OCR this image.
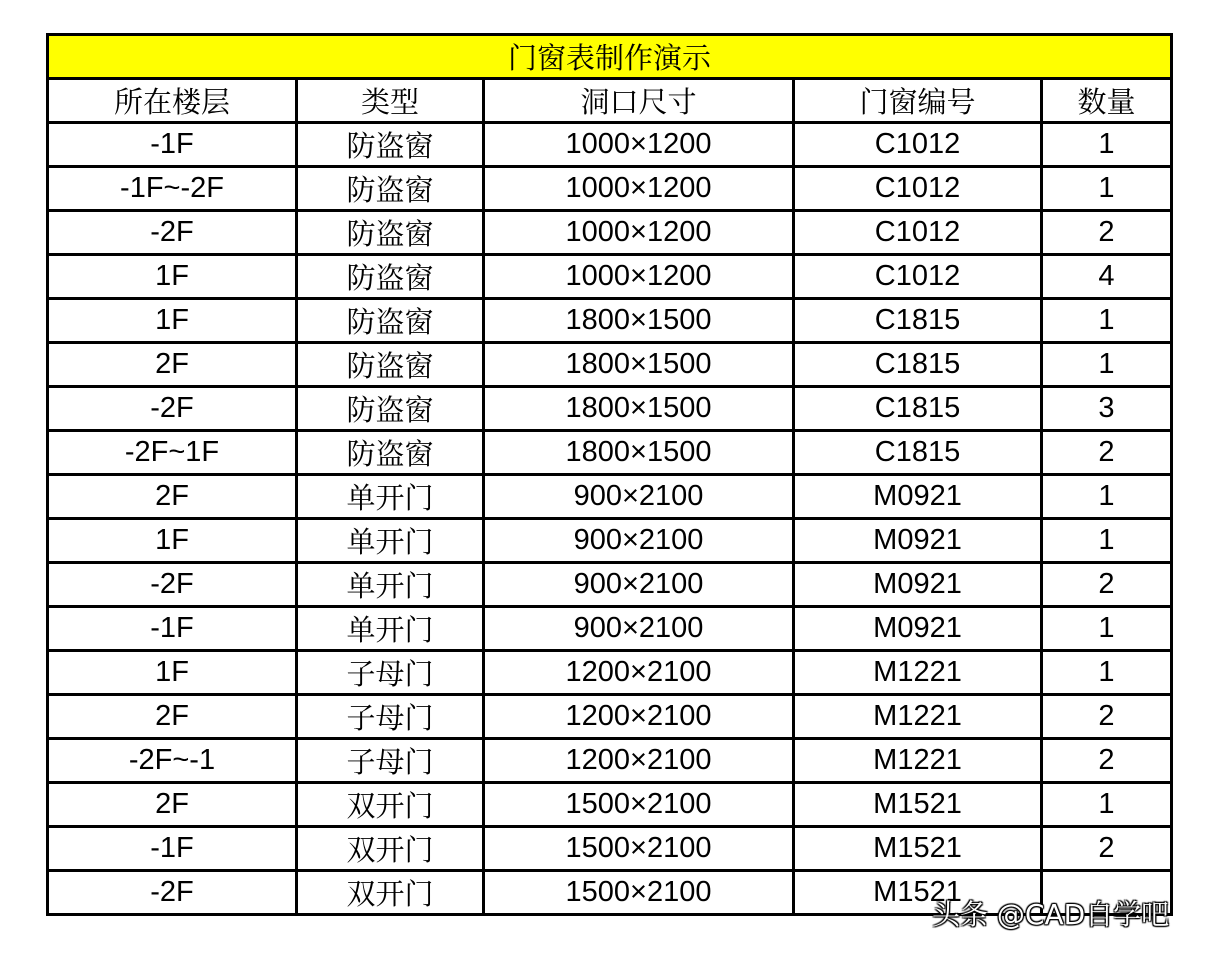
门窗表制作演示				
所在楼层	类型	洞口尺寸	门窗编号	数量
-1F	防盗窗	1000×1200	C1012	1
-1F~-2F	防盗窗	1000×1200	C1012	1
-2F	防盗窗	1000×1200	C1012	2
1F	防盗窗	1000×1200	C1012	4
1F	防盗窗	1800×1500	C1815	1
2F	防盗窗	1800×1500	C1815	1
-2F	防盗窗	1800×1500	C1815	3
-2F~1F	防盗窗	1800×1500	C1815	2
2F	单开门	900×2100	M0921	1
1F	单开门	900×2100	M0921	1
-2F	单开门	900×2100	M0921	2
-1F	单开门	900×2100	M0921	1
1F	子母门	1200×2100	M1221	1
2F	子母门	1200×2100	M1221	2
-2F~-1	子母门	1200×2100	M1221	2
2F	双开门	1500×2100	M1521	1
-1F	双开门	1500×2100	M1521	2
-2F	双开门	1500×2100	M1521	
头条 @CAD自学吧
